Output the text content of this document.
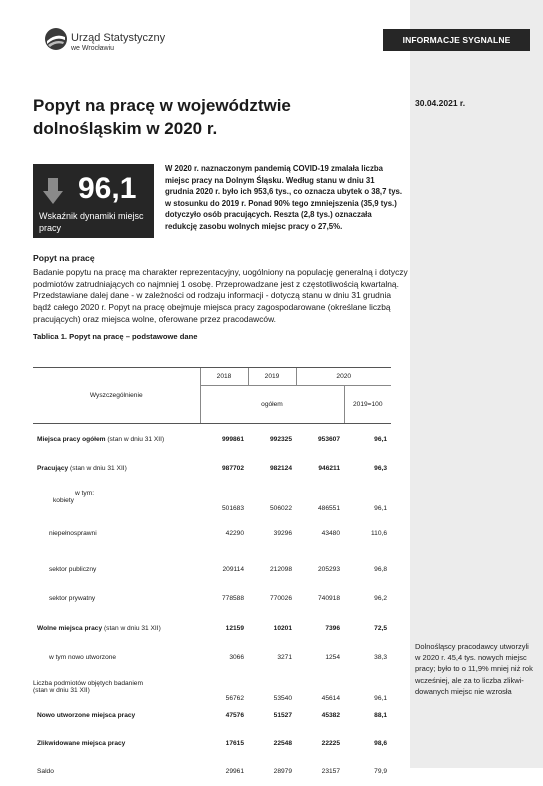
Urząd Statystyczny
we Wrocławiu
INFORMACJE SYGNALNE
Popyt na pracę w województwie dolnośląskim w 2020 r.
30.04.2021 r.
96,1
Wskaźnik dynamiki miejsc pracy
W 2020 r. naznaczonym pandemią COVID-19 zmalała liczba miejsc pracy na Dolnym Śląsku. Według stanu w dniu 31 grudnia 2020 r. było ich 953,6 tys., co oznacza ubytek o 38,7 tys. w stosunku do 2019 r. Ponad 90% tego zmniejszenia (35,9 tys.) dotyczyło osób pracujących. Reszta (2,8 tys.) oznaczała redukcję zasobu wolnych miejsc pracy o 27,5%.
Popyt na pracę
Badanie popytu na pracę ma charakter reprezentacyjny, uogólniony na populację generalną i dotyczy podmiotów zatrudniających co najmniej 1 osobę. Przeprowadzane jest z częstotliwością kwartalną. Przedstawiane dalej dane - w zależności od rodzaju informacji - dotyczą stanu w dniu 31 grudnia bądź całego 2020 r. Popyt na pracę obejmuje miejsca pracy zagospodarowane (określane liczbą pracujących) oraz miejsca wolne, oferowane przez pracodawców.
Tablica 1. Popyt na pracę – podstawowe dane
Wyszczególnienie	2018	2019	2020	
	ogółem			2019=100
Miejsca pracy ogółem (stan w dniu 31 XII)	999861	992325	953607	96,1
Pracujący (stan w dniu 31 XII)	987702	982124	946211	96,3

w tym:
kobiety	501683	506022	486551	96,1
niepełnosprawni	42290	39296	43480	110,6
sektor publiczny	209114	212098	205293	96,8
sektor prywatny	778588	770026	740918	96,2
Wolne miejsca pracy (stan w dniu 31 XII)	12159	10201	7396	72,5
w tym nowo utworzone	3066	3271	1254	38,3

Liczba podmiotów objętych badaniem
(stan w dniu 31 XII)	56762	53540	45614	96,1
Nowo utworzone miejsca pracy	47576	51527	45382	88,1
Zlikwidowane miejsca pracy	17615	22548	22225	98,6
Saldo	29961	28979	23157	79,9
Dolnośląscy pracodawcy utworzyli w 2020 r. 45,4 tys. nowych miejsc pracy; było to o 11,9% mniej niż rok wcześniej, ale za to liczba zlikwidowanych miejsc nie wzrosła
